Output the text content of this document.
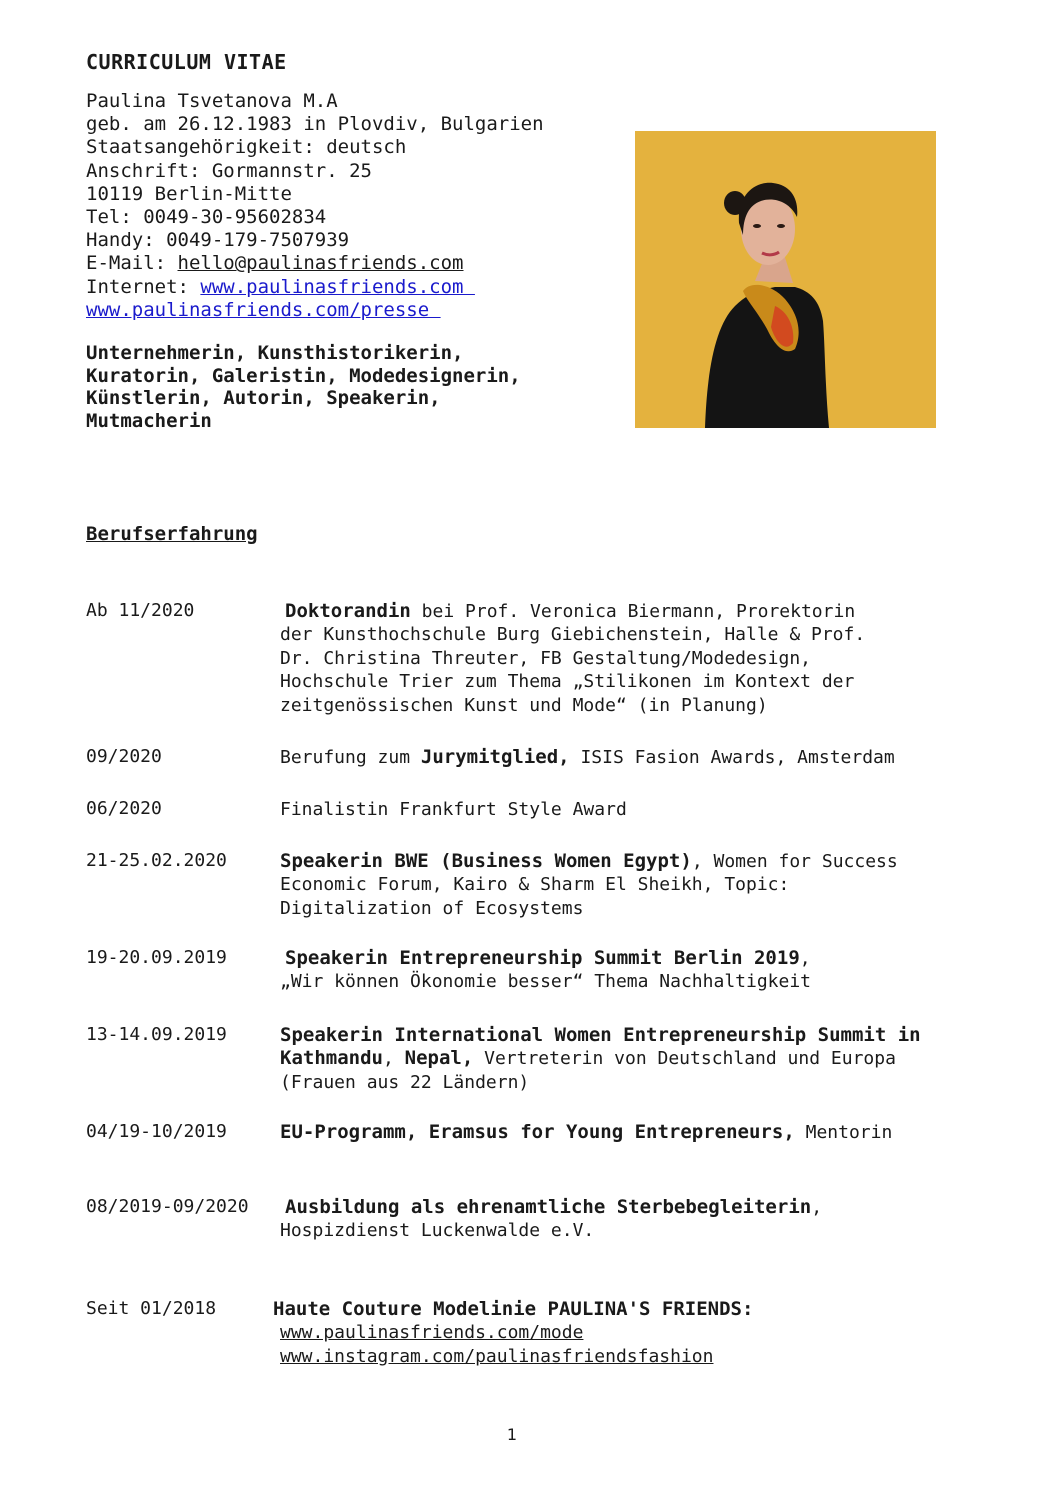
CURRICULUM VITAE
Paulina Tsvetanova M.A
geb. am 26.12.1983 in Plovdiv, Bulgarien
Staatsangehörigkeit: deutsch
Anschrift: Gormannstr. 25
10119 Berlin-Mitte
Tel: 0049-30-95602834
Handy: 0049-179-7507939
E-Mail: hello@paulinasfriends.com
Internet: www.paulinasfriends.com
www.paulinasfriends.com/presse
Unternehmerin, Kunsthistorikerin,
Kuratorin, Galeristin, Modedesignerin,
Künstlerin, Autorin, Speakerin,
Mutmacherin
Berufserfahrung
Ab 11/2020	Doktorandin bei Prof. Veronica Biermann, Prorektorin
der Kunsthochschule Burg Giebichenstein, Halle & Prof.
Dr. Christina Threuter, FB Gestaltung/Modedesign,
Hochschule Trier zum Thema „Stilikonen im Kontext der
zeitgenössischen Kunst und Mode“ (in Planung)
09/2020	Berufung zum Jurymitglied, ISIS Fasion Awards, Amsterdam
06/2020	Finalistin Frankfurt Style Award
21-25.02.2020	Speakerin BWE (Business Women Egypt), Women for Success
Economic Forum, Kairo & Sharm El Sheikh, Topic:
Digitalization of Ecosystems
19-20.09.2019	Speakerin Entrepreneurship Summit Berlin 2019,
„Wir können Ökonomie besser“ Thema Nachhaltigkeit
13-14.09.2019	Speakerin International Women Entrepreneurship Summit in
Kathmandu, Nepal, Vertreterin von Deutschland und Europa
(Frauen aus 22 Ländern)
04/19-10/2019	EU-Programm, Eramsus for Young Entrepreneurs, Mentorin
08/2019-09/2020 Ausbildung als ehrenamtliche Sterbebegleiterin,
Hospizdienst Luckenwalde e.V.
Seit 01/2018	Haute Couture Modelinie PAULINA'S FRIENDS:
www.paulinasfriends.com/mode
www.instagram.com/paulinasfriendsfashion
1
